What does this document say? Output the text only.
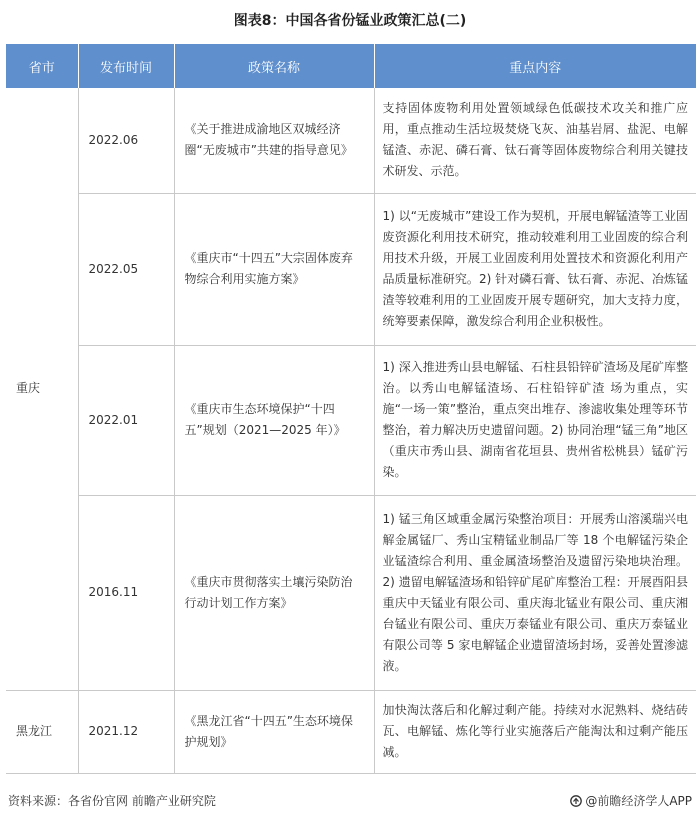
图表8：中国各省份锰业政策汇总(二)
省市	发布时间	政策名称	重点内容
重庆	2022.06	《关于推进成渝地区双城经济圈“无废城市”共建的指导意见》	支持固体废物利用处置领域绿色低碳技术攻关和推广应用，重点推动生活垃圾焚烧飞灰、油基岩屑、盐泥、电解锰渣、赤泥、磷石膏、钛石膏等固体废物综合利用关键技术研发、示范。
	2022.05	《重庆市“十四五”大宗固体废弃物综合利用实施方案》	1) 以“无废城市”建设工作为契机，开展电解锰渣等工业固废资源化利用技术研究，推动较难利用工业固废的综合利用技术升级，开展工业固废利用处置技术和资源化利用产品质量标准研究。2) 针对磷石膏、钛石膏、赤泥、冶炼锰渣等较难利用的工业固废开展专题研究，加大支持力度，统筹要素保障，激发综合利用企业积极性。
	2022.01	《重庆市生态环境保护“十四五”规划（2021—2025 年）》	1) 深入推进秀山县电解锰、石柱县铅锌矿渣场及尾矿库整治。以秀山电解锰渣场、石柱铅锌矿渣 场为重点，实施“一场一策”整治，重点突出堆存、渗滤收集处理等环节整治，着力解决历史遗留问题。2) 协同治理“锰三角”地区（重庆市秀山县、湖南省花垣县、贵州省松桃县）锰矿污染。
	2016.11	《重庆市贯彻落实土壤污染防治行动计划工作方案》	1) 锰三角区域重金属污染整治项目：开展秀山溶溪瑞兴电解金属锰厂、秀山宝精锰业制品厂等 18 个电解锰污染企业锰渣综合利用、重金属渣场整治及遗留污染地块治理。2) 遗留电解锰渣场和铅锌矿尾矿库整治工程：开展酉阳县重庆中天锰业有限公司、重庆海北锰业有限公司、重庆湘台锰业有限公司、重庆万泰锰业有限公司、重庆万泰锰业有限公司等 5 家电解锰企业遗留渣场封场，妥善处置渗滤液。
黑龙江	2021.12	《黑龙江省“十四五”生态环境保护规划》	加快淘汰落后和化解过剩产能。持续对水泥熟料、烧结砖瓦、电解锰、炼化等行业实施落后产能淘汰和过剩产能压减。
资料来源：各省份官网 前瞻产业研究院	@前瞻经济学人APP
